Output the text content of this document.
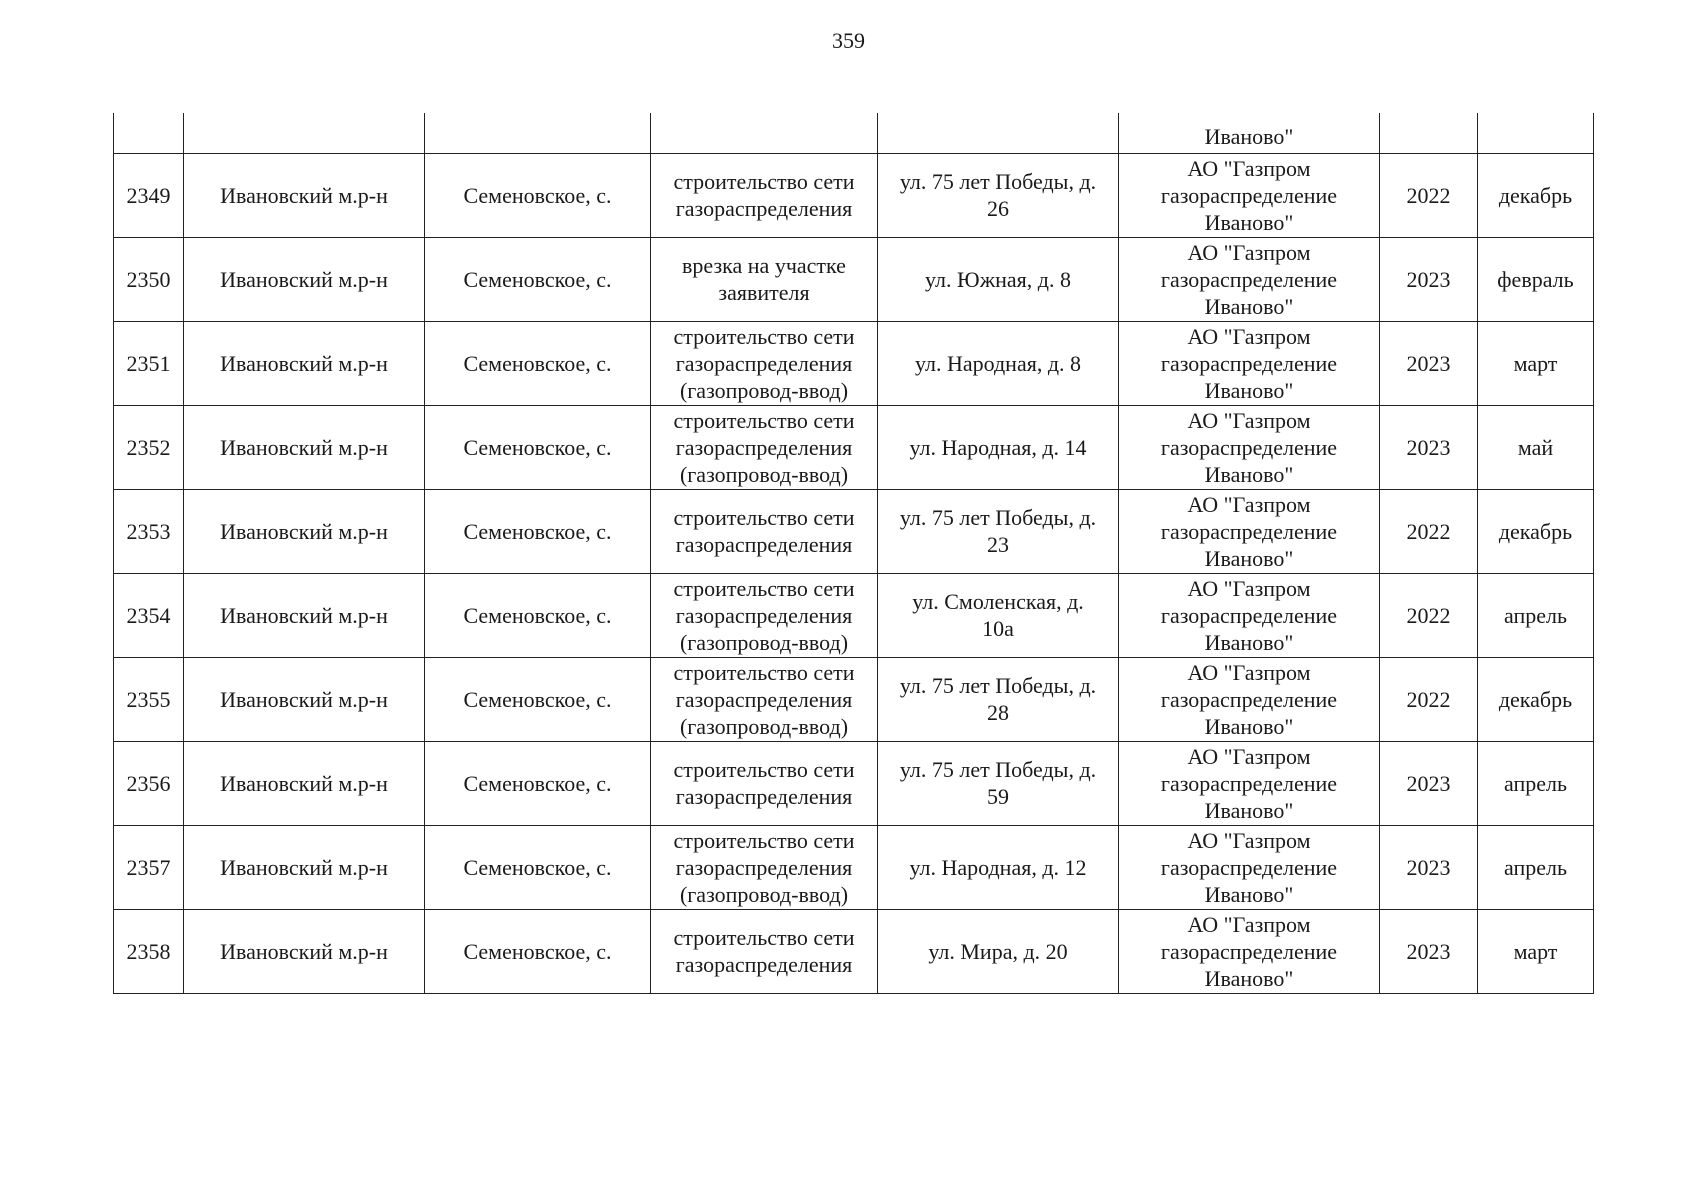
359
					Иваново"		
2349	Ивановский м.р-н	Семеновское, с.	строительство сети
газораспределения	ул. 75 лет Победы, д.
26	АО "Газпром
газораспределение
Иваново"	2022	декабрь
2350	Ивановский м.р-н	Семеновское, с.	врезка на участке
заявителя	ул. Южная, д. 8	АО "Газпром
газораспределение
Иваново"	2023	февраль
2351	Ивановский м.р-н	Семеновское, с.	строительство сети
газораспределения
(газопровод-ввод)	ул. Народная, д. 8	АО "Газпром
газораспределение
Иваново"	2023	март
2352	Ивановский м.р-н	Семеновское, с.	строительство сети
газораспределения
(газопровод-ввод)	ул. Народная, д. 14	АО "Газпром
газораспределение
Иваново"	2023	май
2353	Ивановский м.р-н	Семеновское, с.	строительство сети
газораспределения	ул. 75 лет Победы, д.
23	АО "Газпром
газораспределение
Иваново"	2022	декабрь
2354	Ивановский м.р-н	Семеновское, с.	строительство сети
газораспределения
(газопровод-ввод)	ул. Смоленская, д.
10а	АО "Газпром
газораспределение
Иваново"	2022	апрель
2355	Ивановский м.р-н	Семеновское, с.	строительство сети
газораспределения
(газопровод-ввод)	ул. 75 лет Победы, д.
28	АО "Газпром
газораспределение
Иваново"	2022	декабрь
2356	Ивановский м.р-н	Семеновское, с.	строительство сети
газораспределения	ул. 75 лет Победы, д.
59	АО "Газпром
газораспределение
Иваново"	2023	апрель
2357	Ивановский м.р-н	Семеновское, с.	строительство сети
газораспределения
(газопровод-ввод)	ул. Народная, д. 12	АО "Газпром
газораспределение
Иваново"	2023	апрель
2358	Ивановский м.р-н	Семеновское, с.	строительство сети
газораспределения	ул. Мира, д. 20	АО "Газпром
газораспределение
Иваново"	2023	март
